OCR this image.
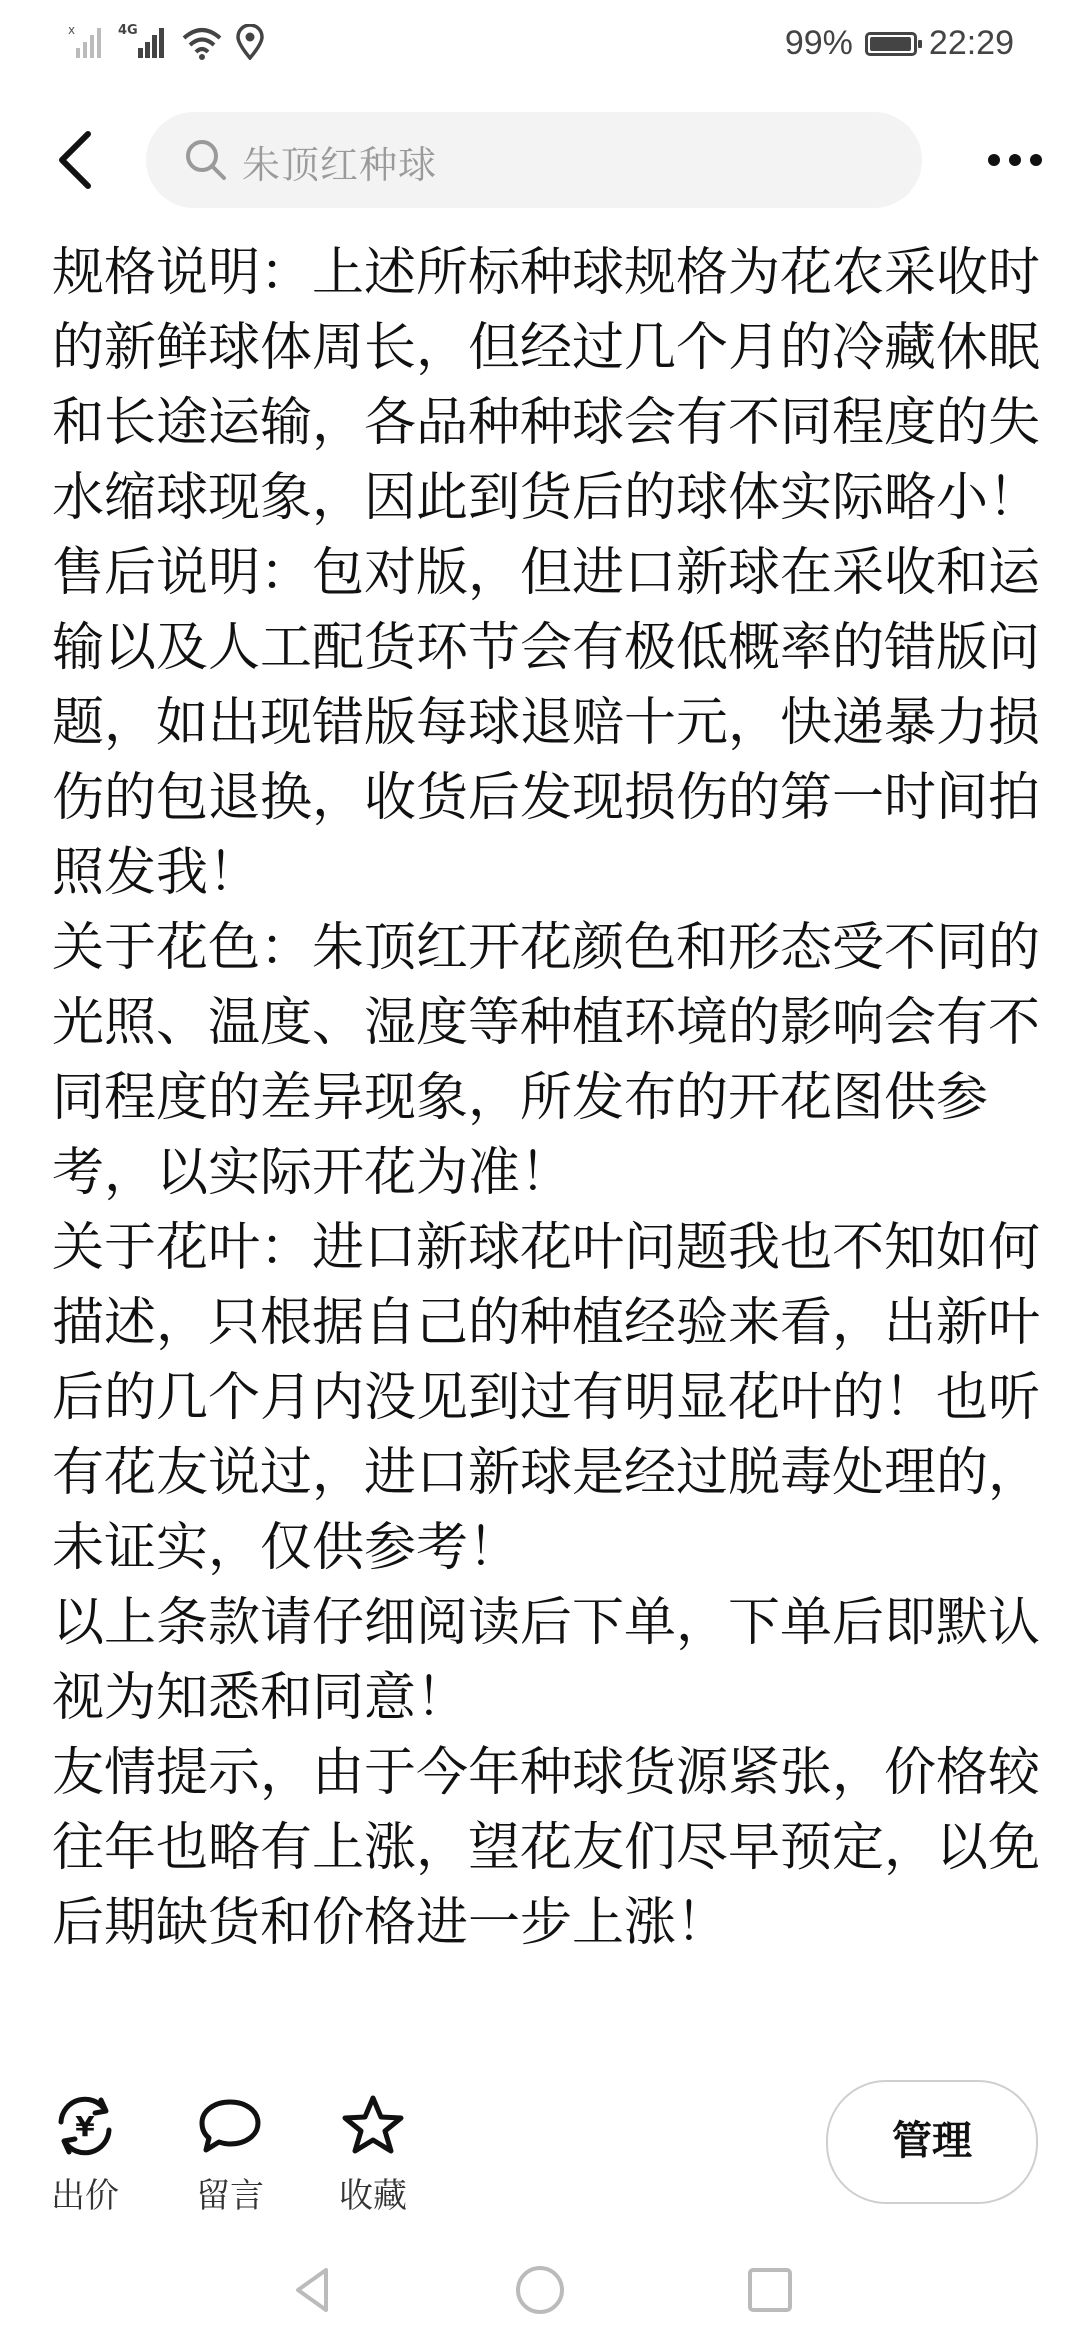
x	4G	99% 22:29
朱顶红种球

规格说明：上述所标种球规格为花农采收时的新鲜球体周长，但经过几个月的冷藏休眠和长途运输，各品种种球会有不同程度的失水缩球现象，因此到货后的球体实际略小！

售后说明：包对版，但进口新球在采收和运输以及人工配货环节会有极低概率的错版问题，如出现错版每球退赔十元，快递暴力损伤的包退换，收货后发现损伤的第一时间拍照发我！

关于花色：朱顶红开花颜色和形态受不同的光照、温度、湿度等种植环境的影响会有不同程度的差异现象，所发布的开花图供参考，以实际开花为准！

关于花叶：进口新球花叶问题我也不知如何描述，只根据自己的种植经验来看，出新叶后的几个月内没见到过有明显花叶的！也听有花友说过，进口新球是经过脱毒处理的，未证实，仅供参考！

以上条款请仔细阅读后下单，下单后即默认视为知悉和同意！

友情提示，由于今年种球货源紧张，价格较往年也略有上涨，望花友们尽早预定，以免后期缺货和价格进一步上涨！

¥
出价	留言	收藏
管理
